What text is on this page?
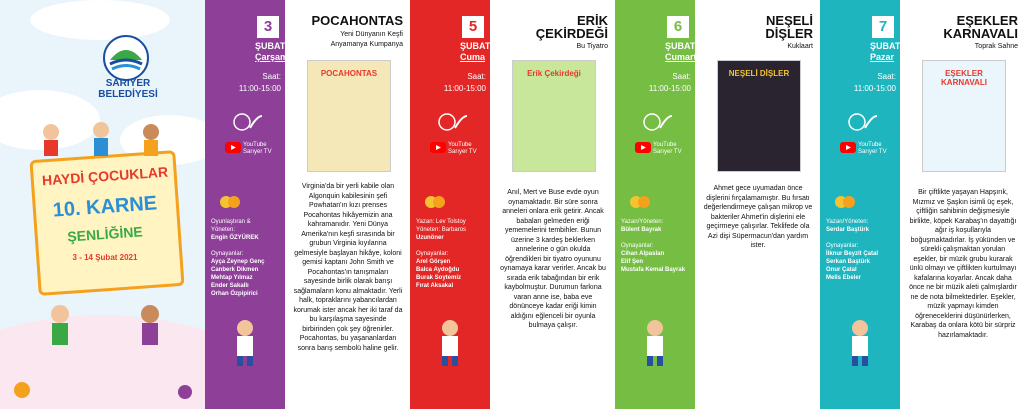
SARIYER
BELEDİYESİ
HAYDİ ÇOCUKLAR
10. KARNE
ŞENLİĞİNE
3 - 14 Şubat 2021
3
ŞUBAT
Çarşamba
Saat:
11:00-15:00
YouTube
Sarıyer TV
Oyunlaştıran &
Yöneten:
Engin ÖZYÜREK
Oynayanlar:
Ayça Zeynep Genç
Canberk Dikmen
Mehtap Yılmaz
Ender Sakallı
Orhan Özpipirici
POCAHONTAS
Yeni Dünyanın Keşfi
Anyamanya Kumpanya
POCAHONTAS
Virginia'da bir yerli kabile olan Algonquin kabilesinin şefi Powhatan'ın kızı prenses Pocahontas hikâyemizin ana kahramanıdır. Yeni Dünya Amerika'nın keşfi sırasında bir grubun Virginia kıyılarına gelmesiyle başlayan hikâye, koloni gemisi kaptanı John Smith ve Pocahontas'ın tanışmaları sayesinde birlik olarak barışı sağlamaların konu almaktadır. Yerli halk, topraklarını yabancılardan korumak ister ancak her iki taraf da bu karşılaşma sayesinde birbirinden çok şey öğrenirler. Pocahontas, bu yaşananlardan sonra barış sembolü haline gelir.
5
ŞUBAT
Cuma
Saat:
11:00-15:00
YouTube
Sarıyer TV
Yazan: Lev Tolstoy
Yöneten: Barbaros
Uzunöner
Oynayanlar:
Arel Görşen
Balca Aydoğdu
Burak Soytemiz
Fırat Aksakal
ERİK
ÇEKİRDEĞİ
Bu Tiyatro
Erik Çekirdeği
Anıl, Mert ve Buse evde oyun oynamaktadır. Bir süre sonra anneleri onlara erik getirir. Ancak babaları gelmeden eriği yememelerini tembihler. Bunun üzerine 3 kardeş beklerken annelerine o gün okulda öğrendikleri bir tiyatro oyununu oynamaya karar verirler. Ancak bu sırada erik tabağından bir erik kaybolmuştur. Durumun farkına varan anne ise, baba eve dönünceye kadar eriği kimin aldığını eğlenceli bir oyunla bulmaya çalışır.
6
ŞUBAT
Cumartesi
Saat:
11:00-15:00
YouTube
Sarıyer TV
Yazan/Yöneten:
Bülent Bayrak
Oynayanlar:
Cihan Alpaslan
Elif Şen
Mustafa Kemal Bayrak
NEŞELİ
DİŞLER
Kuklaart
NEŞELİ DİŞLER
Ahmet gece uyumadan önce dişlerini fırçalamamıştır. Bu fırsatı değerlendirmeye çalışan mikrop ve bakteriler Ahmet'in dişlerini ele geçirmeye çalışırlar. Teklifede ola Azi dişi Süpermacun'dan yardım ister.
7
ŞUBAT
Pazar
Saat:
11:00-15:00
YouTube
Sarıyer TV
Yazan/Yöneten:
Serdar Baştürk
Oynayanlar:
İlknur Beyzit Çatal
Serkan Baştürk
Onur Çatal
Melis Ebeler
EŞEKLER
KARNAVALI
Toprak Sahne
EŞEKLER KARNAVALI
Bir çiftlikte yaşayan Hapşırık, Mızmız ve Şaşkın isimli üç eşek, çiftliğin sahibinin değişmesiyle birlikte, köpek Karabaş'ın dayattığı ağır iş koşullarıyla boğuşmaktadırlar. İş yükünden ve sürekli çalışmaktan yorulan eşekler, bir müzik grubu kurarak ünlü olmayı ve çiftlikten kurtulmayı kafalarına koyarlar. Ancak daha önce ne bir müzik aleti çalmışlardır ne de nota bilmektedirler. Eşekler, müzik yapmayı kimden öğreneceklerini düşünürlerken, Karabaş da onlara kötü bir sürpriz hazırlamaktadır.
